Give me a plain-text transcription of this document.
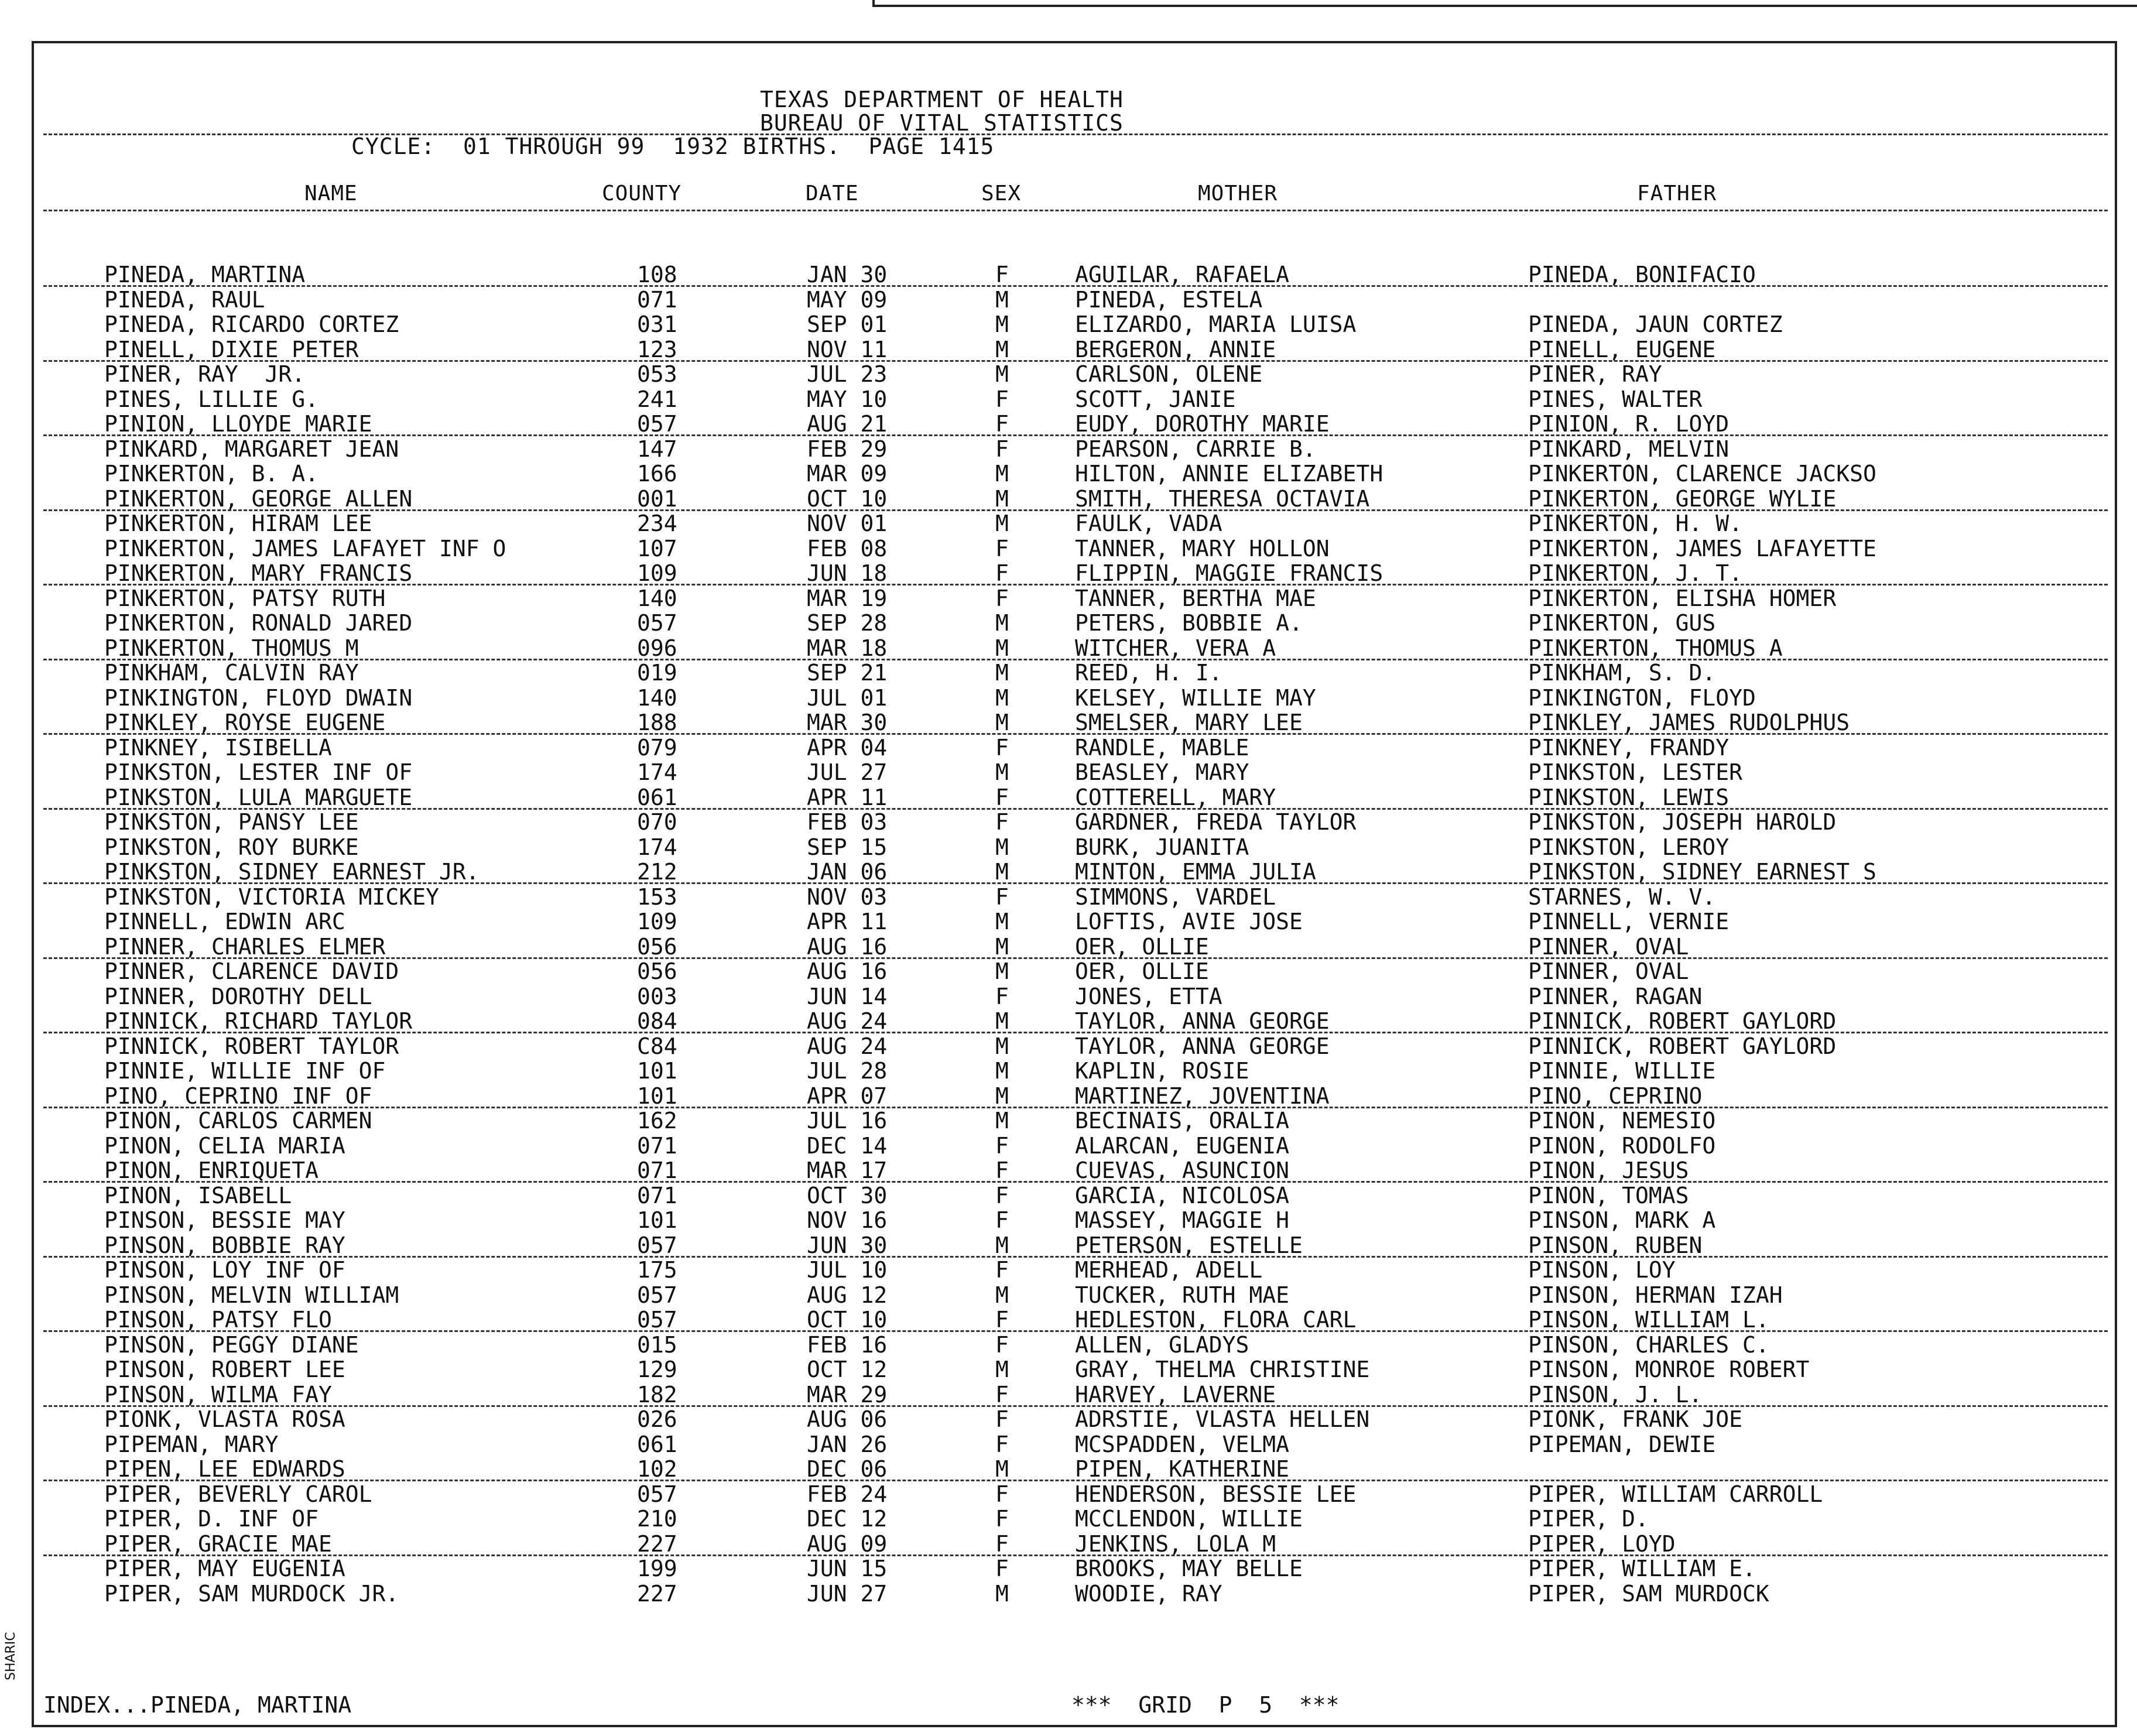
TEXAS DEPARTMENT OF HEALTH
BUREAU OF VITAL STATISTICS
CYCLE:  01 THROUGH 99  1932 BIRTHS.  PAGE 1415
NAME	COUNTY	DATE	SEX	MOTHER	FATHER
PINEDA, MARTINA	108	JAN 30	F	AGUILAR, RAFAELA	PINEDA, BONIFACIO
PINEDA, RAUL	071	MAY 09	M	PINEDA, ESTELA
PINEDA, RICARDO CORTEZ	031	SEP 01	M	ELIZARDO, MARIA LUISA	PINEDA, JAUN CORTEZ
PINELL, DIXIE PETER	123	NOV 11	M	BERGERON, ANNIE	PINELL, EUGENE
PINER, RAY  JR.	053	JUL 23	M	CARLSON, OLENE	PINER, RAY
PINES, LILLIE G.	241	MAY 10	F	SCOTT, JANIE	PINES, WALTER
PINION, LLOYDE MARIE	057	AUG 21	F	EUDY, DOROTHY MARIE	PINION, R. LOYD
PINKARD, MARGARET JEAN	147	FEB 29	F	PEARSON, CARRIE B.	PINKARD, MELVIN
PINKERTON, B. A.	166	MAR 09	M	HILTON, ANNIE ELIZABETH	PINKERTON, CLARENCE JACKSO
PINKERTON, GEORGE ALLEN	001	OCT 10	M	SMITH, THERESA OCTAVIA	PINKERTON, GEORGE WYLIE
PINKERTON, HIRAM LEE	234	NOV 01	M	FAULK, VADA	PINKERTON, H. W.
PINKERTON, JAMES LAFAYET INF O	107	FEB 08	F	TANNER, MARY HOLLON	PINKERTON, JAMES LAFAYETTE
PINKERTON, MARY FRANCIS	109	JUN 18	F	FLIPPIN, MAGGIE FRANCIS	PINKERTON, J. T.
PINKERTON, PATSY RUTH	140	MAR 19	F	TANNER, BERTHA MAE	PINKERTON, ELISHA HOMER
PINKERTON, RONALD JARED	057	SEP 28	M	PETERS, BOBBIE A.	PINKERTON, GUS
PINKERTON, THOMUS M	096	MAR 18	M	WITCHER, VERA A	PINKERTON, THOMUS A
PINKHAM, CALVIN RAY	019	SEP 21	M	REED, H. I.	PINKHAM, S. D.
PINKINGTON, FLOYD DWAIN	140	JUL 01	M	KELSEY, WILLIE MAY	PINKINGTON, FLOYD
PINKLEY, ROYSE EUGENE	188	MAR 30	M	SMELSER, MARY LEE	PINKLEY, JAMES RUDOLPHUS
PINKNEY, ISIBELLA	079	APR 04	F	RANDLE, MABLE	PINKNEY, FRANDY
PINKSTON, LESTER INF OF	174	JUL 27	M	BEASLEY, MARY	PINKSTON, LESTER
PINKSTON, LULA MARGUETE	061	APR 11	F	COTTERELL, MARY	PINKSTON, LEWIS
PINKSTON, PANSY LEE	070	FEB 03	F	GARDNER, FREDA TAYLOR	PINKSTON, JOSEPH HAROLD
PINKSTON, ROY BURKE	174	SEP 15	M	BURK, JUANITA	PINKSTON, LEROY
PINKSTON, SIDNEY EARNEST JR.	212	JAN 06	M	MINTON, EMMA JULIA	PINKSTON, SIDNEY EARNEST S
PINKSTON, VICTORIA MICKEY	153	NOV 03	F	SIMMONS, VARDEL	STARNES, W. V.
PINNELL, EDWIN ARC	109	APR 11	M	LOFTIS, AVIE JOSE	PINNELL, VERNIE
PINNER, CHARLES ELMER	056	AUG 16	M	OER, OLLIE	PINNER, OVAL
PINNER, CLARENCE DAVID	056	AUG 16	M	OER, OLLIE	PINNER, OVAL
PINNER, DOROTHY DELL	003	JUN 14	F	JONES, ETTA	PINNER, RAGAN
PINNICK, RICHARD TAYLOR	084	AUG 24	M	TAYLOR, ANNA GEORGE	PINNICK, ROBERT GAYLORD
PINNICK, ROBERT TAYLOR	C84	AUG 24	M	TAYLOR, ANNA GEORGE	PINNICK, ROBERT GAYLORD
PINNIE, WILLIE INF OF	101	JUL 28	M	KAPLIN, ROSIE	PINNIE, WILLIE
PINO, CEPRINO INF OF	101	APR 07	M	MARTINEZ, JOVENTINA	PINO, CEPRINO
PINON, CARLOS CARMEN	162	JUL 16	M	BECINAIS, ORALIA	PINON, NEMESIO
PINON, CELIA MARIA	071	DEC 14	F	ALARCAN, EUGENIA	PINON, RODOLFO
PINON, ENRIQUETA	071	MAR 17	F	CUEVAS, ASUNCION	PINON, JESUS
PINON, ISABELL	071	OCT 30	F	GARCIA, NICOLOSA	PINON, TOMAS
PINSON, BESSIE MAY	101	NOV 16	F	MASSEY, MAGGIE H	PINSON, MARK A
PINSON, BOBBIE RAY	057	JUN 30	M	PETERSON, ESTELLE	PINSON, RUBEN
PINSON, LOY INF OF	175	JUL 10	F	MERHEAD, ADELL	PINSON, LOY
PINSON, MELVIN WILLIAM	057	AUG 12	M	TUCKER, RUTH MAE	PINSON, HERMAN IZAH
PINSON, PATSY FLO	057	OCT 10	F	HEDLESTON, FLORA CARL	PINSON, WILLIAM L.
PINSON, PEGGY DIANE	015	FEB 16	F	ALLEN, GLADYS	PINSON, CHARLES C.
PINSON, ROBERT LEE	129	OCT 12	M	GRAY, THELMA CHRISTINE	PINSON, MONROE ROBERT
PINSON, WILMA FAY	182	MAR 29	F	HARVEY, LAVERNE	PINSON, J. L.
PIONK, VLASTA ROSA	026	AUG 06	F	ADRSTIE, VLASTA HELLEN	PIONK, FRANK JOE
PIPEMAN, MARY	061	JAN 26	F	MCSPADDEN, VELMA	PIPEMAN, DEWIE
PIPEN, LEE EDWARDS	102	DEC 06	M	PIPEN, KATHERINE
PIPER, BEVERLY CAROL	057	FEB 24	F	HENDERSON, BESSIE LEE	PIPER, WILLIAM CARROLL
PIPER, D. INF OF	210	DEC 12	F	MCCLENDON, WILLIE	PIPER, D.
PIPER, GRACIE MAE	227	AUG 09	F	JENKINS, LOLA M	PIPER, LOYD
PIPER, MAY EUGENIA	199	JUN 15	F	BROOKS, MAY BELLE	PIPER, WILLIAM E.
PIPER, SAM MURDOCK JR.	227	JUN 27	M	WOODIE, RAY	PIPER, SAM MURDOCK
INDEX...PINEDA, MARTINA	***  GRID  P  5  ***
SHARIC
